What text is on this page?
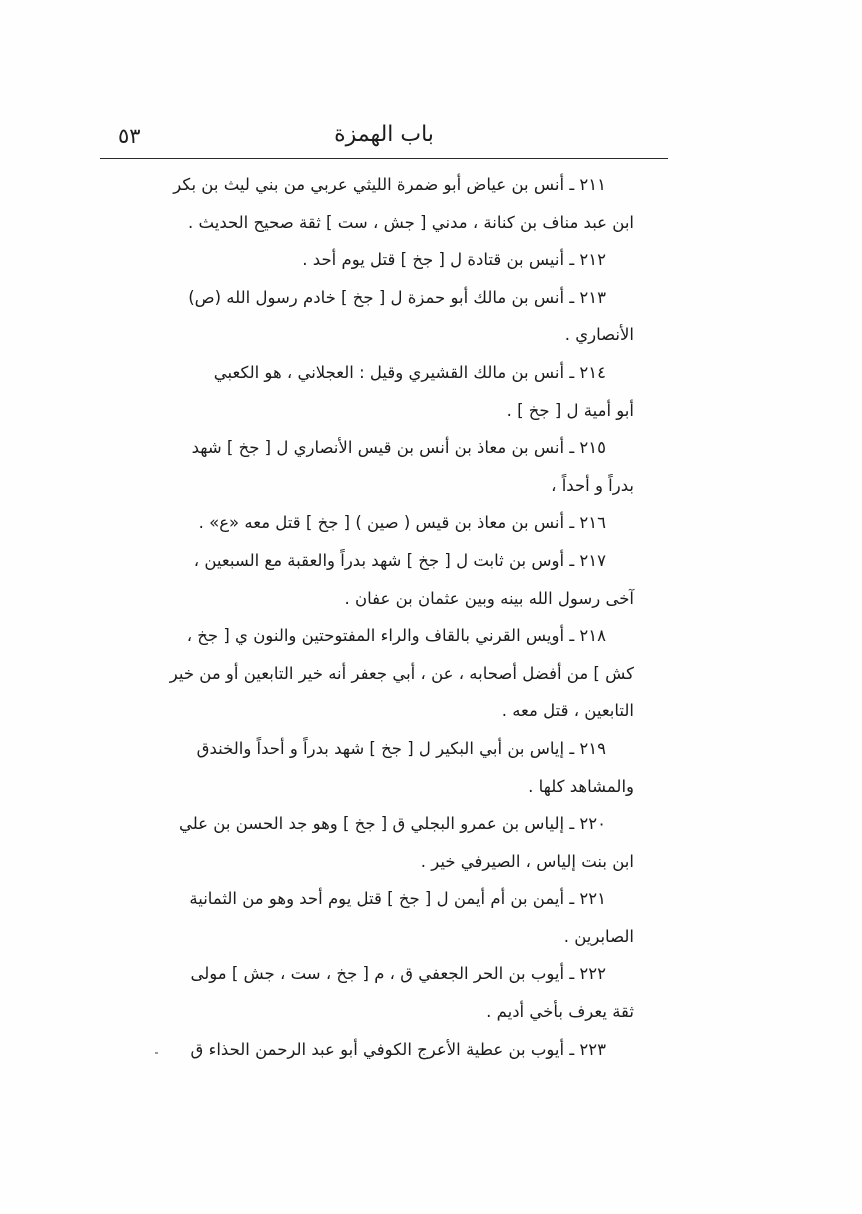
٥٣	باب الهمزة
٢١١ ـ أنس بن عياض أبو ضمرة الليثي عربي من بني ليث بن بكر
ابن عبد مناف بن كنانة ، مدني [ جش ، ست ] ثقة صحيح الحديث .
٢١٢ ـ أنيس بن قتادة ل [ جخ ] قتل يوم أحد .
٢١٣ ـ أنس بن مالك أبو حمزة ل [ جخ ] خادم رسول الله (ص)
الأنصاري .
٢١٤ ـ أنس بن مالك القشيري وقيل : العجلاني ، هو الكعبي
أبو أمية ل [ جخ ] .
٢١٥ ـ أنس بن معاذ بن أنس بن قيس الأنصاري ل [ جخ ] شهد
بدراً و أحداً ،
٢١٦ ـ أنس بن معاذ بن قيس ( صين ) [ جخ ] قتل معه «ع» .
٢١٧ ـ أوس بن ثابت ل [ جخ ] شهد بدراً والعقبة مع السبعين ،
آخى رسول الله بينه وبين عثمان بن عفان .
٢١٨ ـ أويس القرني بالقاف والراء المفتوحتين والنون ي [ جخ ،
كش ] من أفضل أصحابه ، عن ، أبي جعفر أنه خير التابعين أو من خير
التابعين ، قتل معه .
٢١٩ ـ إياس بن أبي البكير ل [ جخ ] شهد بدراً و أحداً والخندق
والمشاهد كلها .
٢٢٠ ـ إلياس بن عمرو البجلي ق [ جخ ] وهو جد الحسن بن علي
ابن بنت إلياس ، الصيرفي خير .
٢٢١ ـ أيمن بن أم أيمن ل [ جخ ] قتل يوم أحد وهو من الثمانية
الصابرين .
٢٢٢ ـ أيوب بن الحر الجعفي ق ، م [ جخ ، ست ، جش ] مولى
ثقة يعرف بأخي أديم .
٢٢٣ ـ أيوب بن عطية الأعرج الكوفي أبو عبد الرحمن الحذاء ق
